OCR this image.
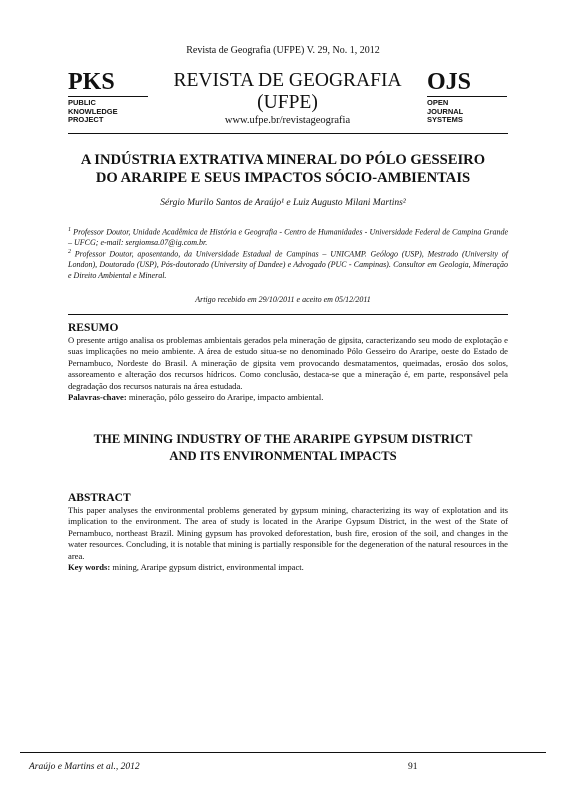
Revista de Geografia (UFPE) V. 29, No. 1, 2012
PKS
PUBLIC
KNOWLEDGE
PROJECT
REVISTA DE GEOGRAFIA
(UFPE)
www.ufpe.br/revistageografia
OJS
OPEN
JOURNAL
SYSTEMS
A INDÚSTRIA EXTRATIVA MINERAL DO PÓLO GESSEIRO
DO ARARIPE E SEUS IMPACTOS SÓCIO-AMBIENTAIS
Sérgio Murilo Santos de Araújo¹ e Luiz Augusto Milani Martins²
$^1$ Professor Doutor, Unidade Acadêmica de História e Geografia - Centro de Humanidades - Universidade Federal de Campina Grande – UFCG; e-mail: sergiomsa.07@ig.com.br.
$^2$ Professor Doutor, aposentando, da Universidade Estadual de Campinas – UNICAMP. Geólogo (USP), Mestrado (University of London), Doutorado (USP), Pós-doutorado (University of Dandee) e Advogado (PUC - Campinas). Consultor em Geologia, Mineração e Direito Ambiental e Mineral.
Artigo recebido em 29/10/2011 e aceito em 05/12/2011
RESUMO
O presente artigo analisa os problemas ambientais gerados pela mineração de gipsita, caracterizando seu modo de explotação e suas implicações no meio ambiente. A área de estudo situa-se no denominado Pólo Gesseiro do Araripe, oeste do Estado de Pernambuco, Nordeste do Brasil. A mineração de gipsita vem provocando desmatamentos, queimadas, erosão dos solos, assoreamento e alteração dos recursos hídricos. Como conclusão, destaca-se que a mineração é, em parte, responsável pela degradação dos recursos naturais na área estudada.
Palavras-chave: mineração, pólo gesseiro do Araripe, impacto ambiental.
THE MINING INDUSTRY OF THE ARARIPE GYPSUM DISTRICT
AND ITS ENVIRONMENTAL IMPACTS
ABSTRACT
This paper analyses the environmental problems generated by gypsum mining, characterizing its way of explotation and its implication to the environment. The area of study is located in the Araripe Gypsum District, in the west of the State of Pernambuco, northeast Brazil. Mining gypsum has provoked deforestation, bush fire, erosion of the soil, and changes in the water resources. Concluding, it is notable that mining is partially responsible for the degeneration of the natural resources in the area.
Key words: mining, Araripe gypsum district, environmental impact.
Araújo e Martins et al., 2012	91
